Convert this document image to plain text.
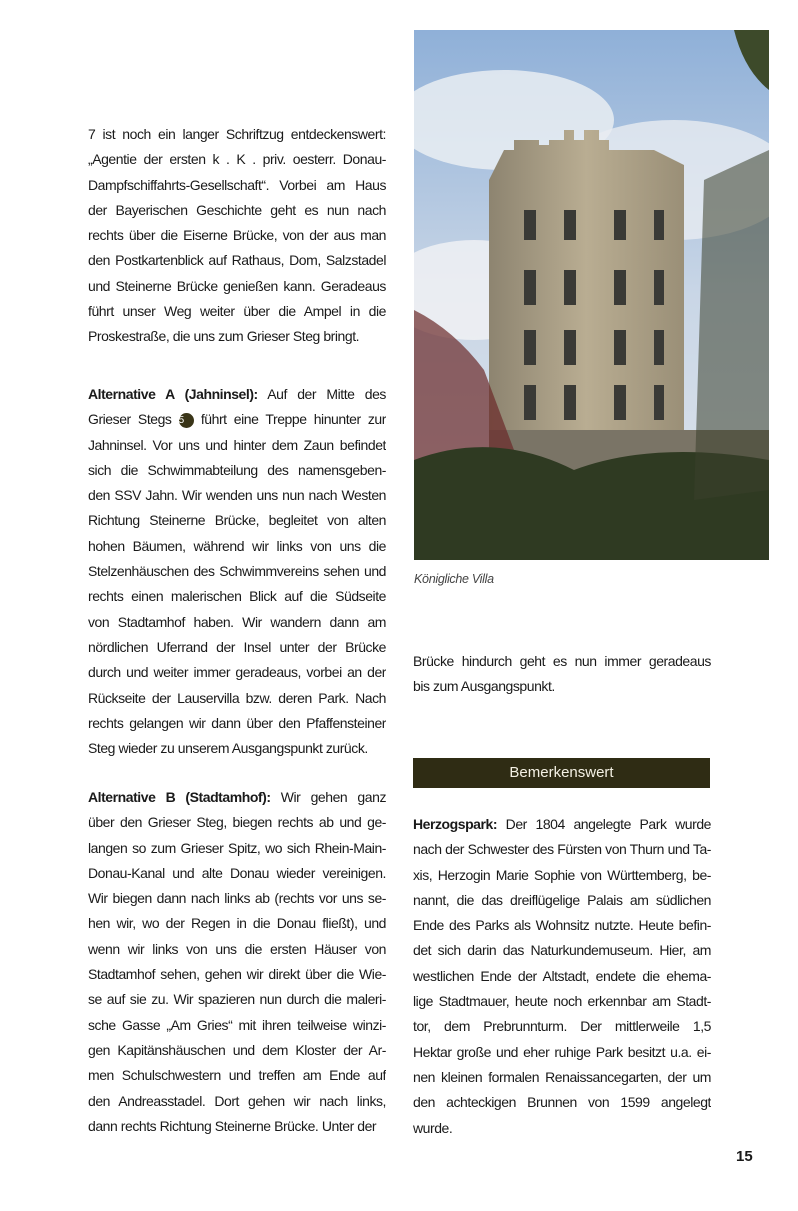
7 ist noch ein langer Schriftzug entdeckenswert:
„Agentie der ersten k . K . priv. oesterr. Donau-
Dampfschiffahrts-Gesellschaft“. Vorbei am Haus
der Bayerischen Geschichte geht es nun nach
rechts über die Eiserne Brücke, von der aus man
den Postkartenblick auf Rathaus, Dom, Salzstadel
und Steinerne Brücke genießen kann. Geradeaus
führt unser Weg weiter über die Ampel in die
Proskestraße, die uns zum Grieser Steg bringt.
Alternative A (Jahninsel): Auf der Mitte des
Grieser Stegs 5 führt eine Treppe hinunter zur
Jahninsel. Vor uns und hinter dem Zaun befindet
sich die Schwimmabteilung des namensgeben-
den SSV Jahn. Wir wenden uns nun nach Westen
Richtung Steinerne Brücke, begleitet von alten
hohen Bäumen, während wir links von uns die
Stelzenhäuschen des Schwimmvereins sehen und
rechts einen malerischen Blick auf die Südseite
von Stadtamhof haben. Wir wandern dann am
nördlichen Uferrand der Insel unter der Brücke
durch und weiter immer geradeaus, vorbei an der
Rückseite der Lauservilla bzw. deren Park. Nach
rechts gelangen wir dann über den Pfaffensteiner
Steg wieder zu unserem Ausgangspunkt zurück.
Alternative B (Stadtamhof): Wir gehen ganz
über den Grieser Steg, biegen rechts ab und ge-
langen so zum Grieser Spitz, wo sich Rhein-Main-
Donau-Kanal und alte Donau wieder vereinigen.
Wir biegen dann nach links ab (rechts vor uns se-
hen wir, wo der Regen in die Donau fließt), und
wenn wir links von uns die ersten Häuser von
Stadtamhof sehen, gehen wir direkt über die Wie-
se auf sie zu. Wir spazieren nun durch die maleri-
sche Gasse „Am Gries“ mit ihren teilweise winzi-
gen Kapitänshäuschen und dem Kloster der Ar-
men Schulschwestern und treffen am Ende auf
den Andreasstadel. Dort gehen wir nach links,
dann rechts Richtung Steinerne Brücke. Unter der
Königliche Villa
Brücke hindurch geht es nun immer geradeaus
bis zum Ausgangspunkt.
Bemerkenswert
Herzogspark: Der 1804 angelegte Park wurde
nach der Schwester des Fürsten von Thurn und Ta-
xis, Herzogin Marie Sophie von Württemberg, be-
nannt, die das dreiflügelige Palais am südlichen
Ende des Parks als Wohnsitz nutzte. Heute befin-
det sich darin das Naturkundemuseum. Hier, am
westlichen Ende der Altstadt, endete die ehema-
lige Stadtmauer, heute noch erkennbar am Stadt-
tor, dem Prebrunnturm. Der mittlerweile 1,5
Hektar große und eher ruhige Park besitzt u.a. ei-
nen kleinen formalen Renaissancegarten, der um
den achteckigen Brunnen von 1599 angelegt
wurde.
15
